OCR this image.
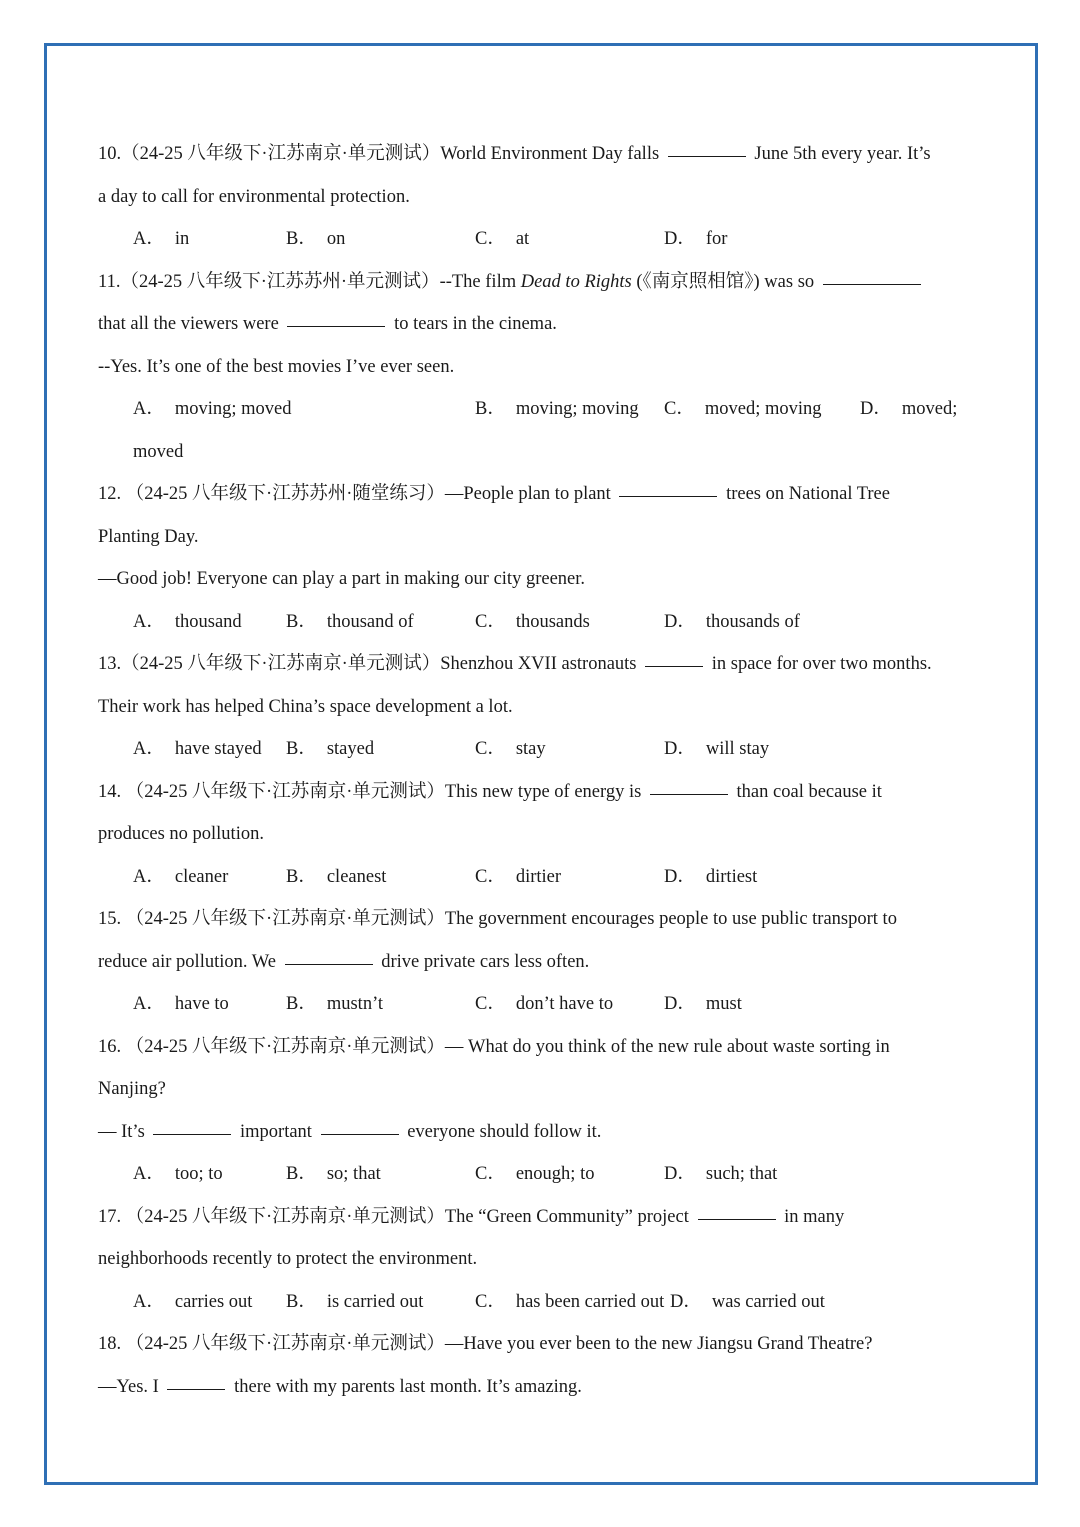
10.（24-25 八年级下·江苏南京·单元测试）World Environment Day falls	June 5th every year. It’s
a day to call for environmental protection.
A． in	B． on	C． at	D． for
11.（24-25 八年级下·江苏苏州·单元测试）--The film Dead to Rights (《南京照相馆》) was so
that all the viewers were	to tears in the cinema.
--Yes. It’s one of the best movies I’ve ever seen.
A． moving; moved	B． moving; moving C． moved; moving D． moved;
moved
12. （24-25 八年级下·江苏苏州·随堂练习）—People plan to plant	trees on National Tree
Planting Day.
—Good job! Everyone can play a part in making our city greener.
A． thousand B． thousand of	C． thousands	D． thousands of
13.（24-25 八年级下·江苏南京·单元测试）Shenzhou XVII astronauts	in space for over two months.
Their work has helped China’s space development a lot.
A． have stayed B． stayed	C． stay	D． will stay
14. （24-25 八年级下·江苏南京·单元测试）This new type of energy is	than coal because it
produces no pollution.
A． cleaner	B． cleanest	C． dirtier	D． dirtiest
15. （24-25 八年级下·江苏南京·单元测试）The government encourages people to use public transport to
reduce air pollution. We	drive private cars less often.
A． have to	B． mustn’t	C． don’t have to	D． must
16. （24-25 八年级下·江苏南京·单元测试）— What do you think of the new rule about waste sorting in
Nanjing?
— It’s	important	everyone should follow it.
A． too; to	B． so; that	C． enough; to	D． such; that
17. （24-25 八年级下·江苏南京·单元测试）The “Green Community” project	in many
neighborhoods recently to protect the environment.
A． carries out B． is carried out	C． has been carried out D． was carried out
18. （24-25 八年级下·江苏南京·单元测试）—Have you ever been to the new Jiangsu Grand Theatre?
—Yes. I	there with my parents last month. It’s amazing.
